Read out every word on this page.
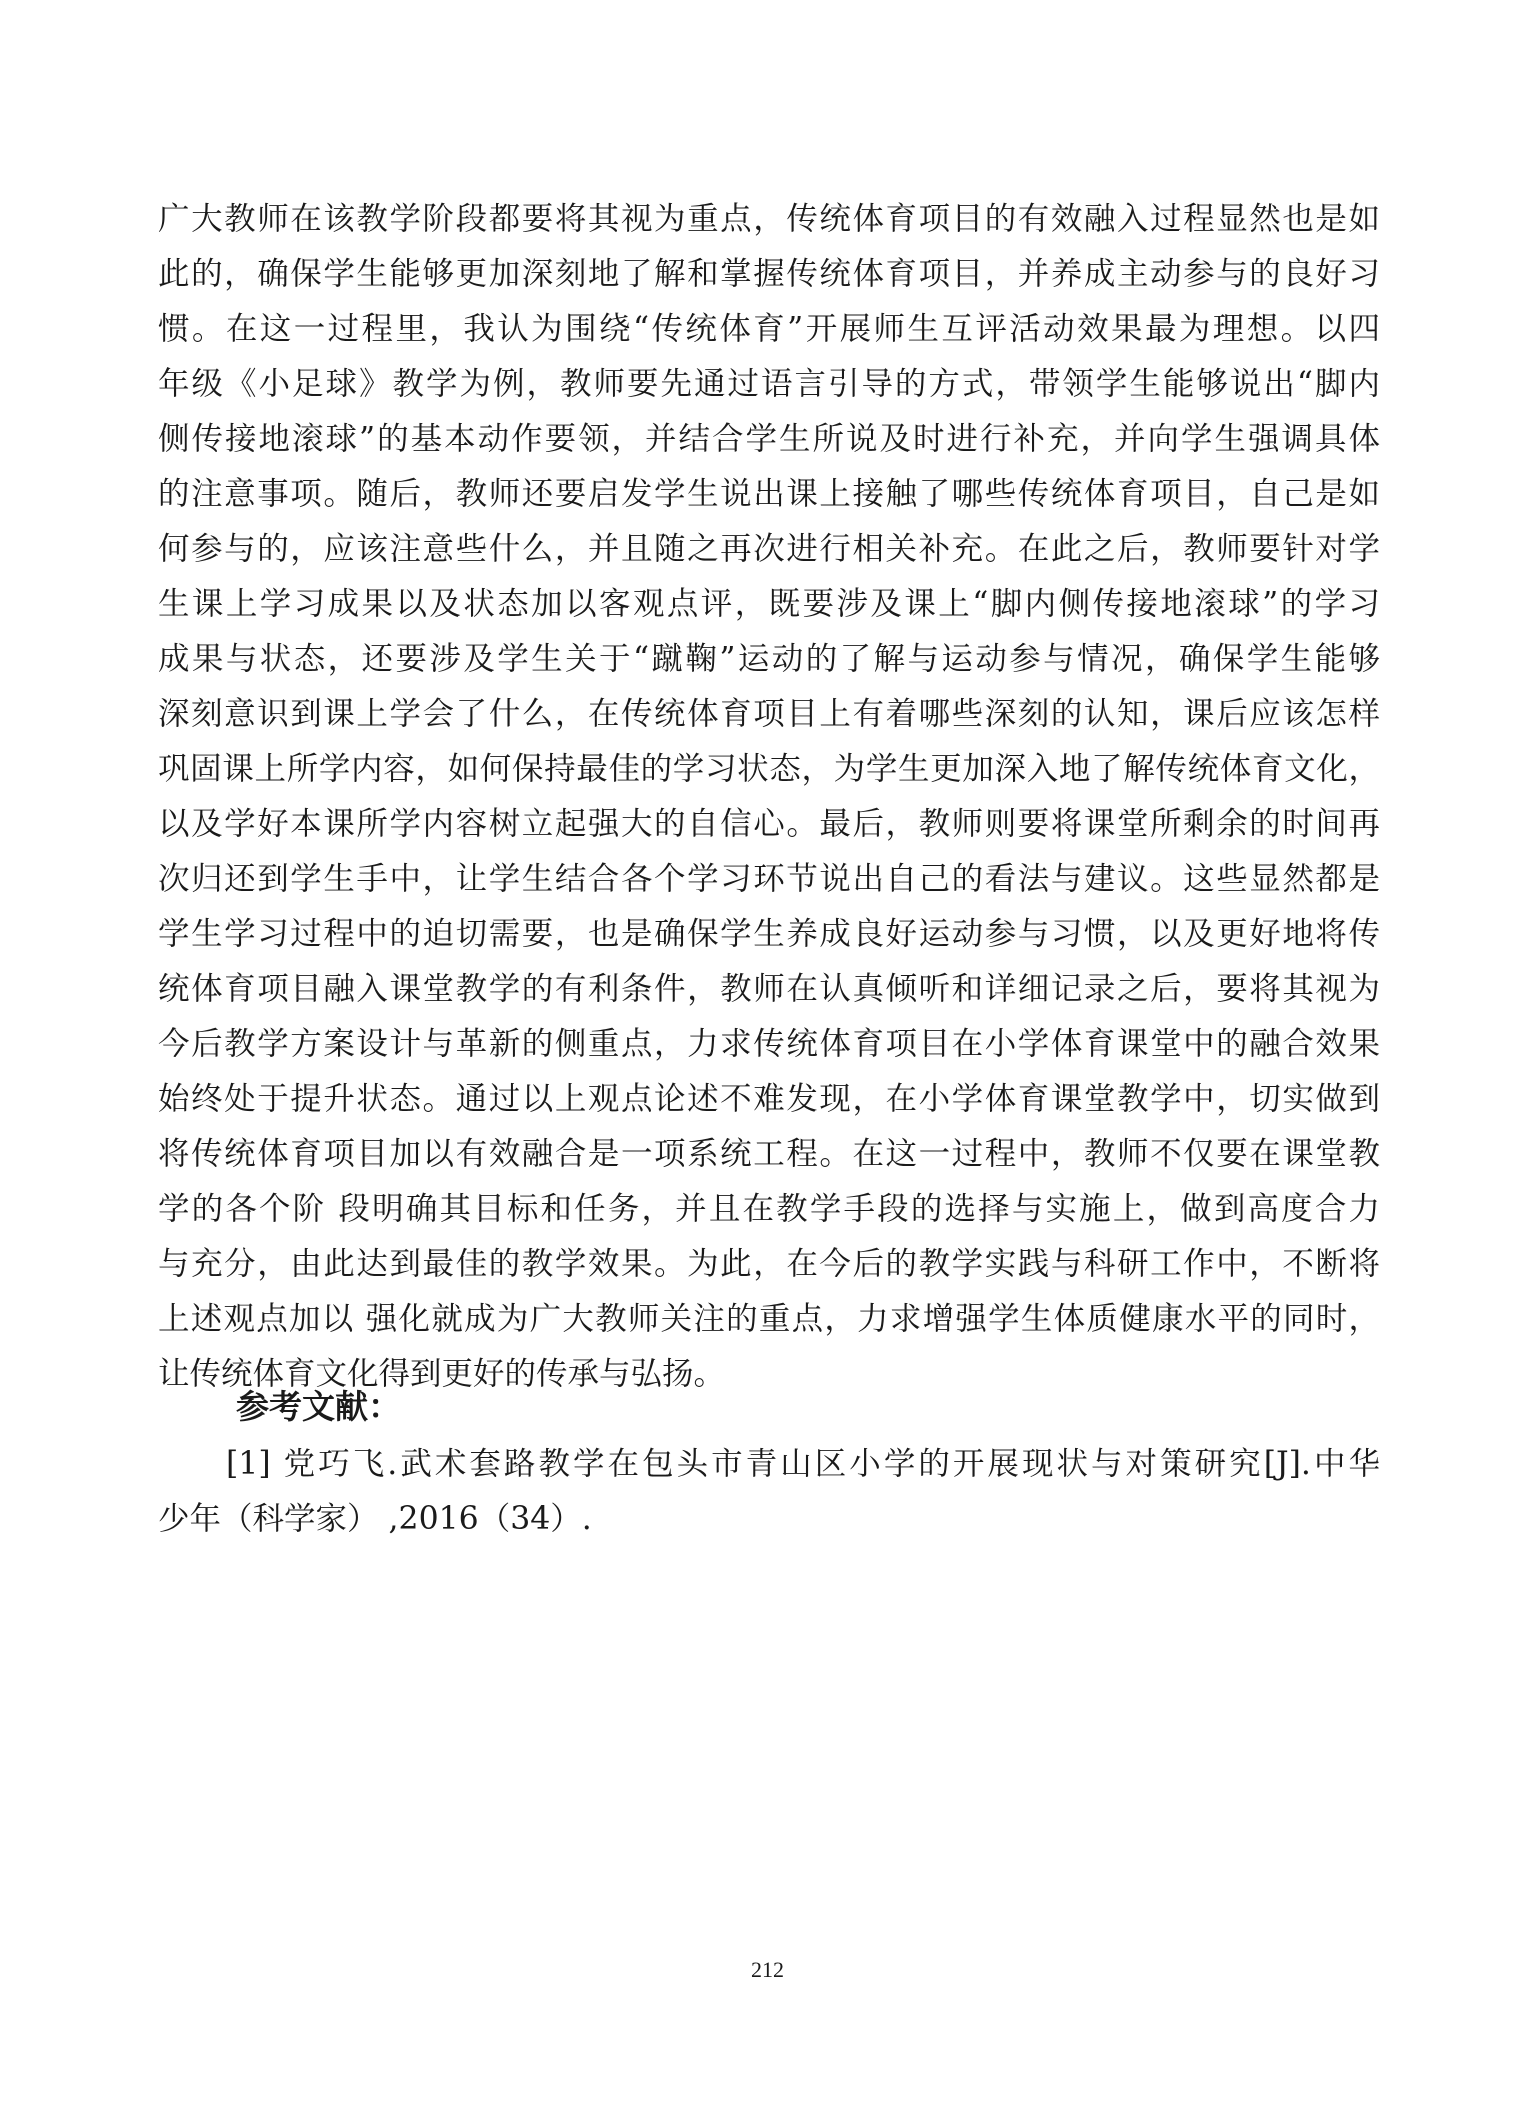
广大教师在该教学阶段都要将其视为重点，传统体育项目的有效融入过程显然也是如
此的，确保学生能够更加深刻地了解和掌握传统体育项目，并养成主动参与的良好习
惯。在这一过程里，我认为围绕“传统体育”开展师生互评活动效果最为理想。以四
年级《小足球》教学为例，教师要先通过语言引导的方式，带领学生能够说出“脚内
侧传接地滚球”的基本动作要领，并结合学生所说及时进行补充，并向学生强调具体
的注意事项。随后，教师还要启发学生说出课上接触了哪些传统体育项目，自己是如
何参与的，应该注意些什么，并且随之再次进行相关补充。在此之后，教师要针对学
生课上学习成果以及状态加以客观点评，既要涉及课上“脚内侧传接地滚球”的学习
成果与状态，还要涉及学生关于“蹴鞠”运动的了解与运动参与情况，确保学生能够
深刻意识到课上学会了什么，在传统体育项目上有着哪些深刻的认知，课后应该怎样
巩固课上所学内容，如何保持最佳的学习状态，为学生更加深入地了解传统体育文化，
以及学好本课所学内容树立起强大的自信心。最后，教师则要将课堂所剩余的时间再
次归还到学生手中，让学生结合各个学习环节说出自己的看法与建议。这些显然都是
学生学习过程中的迫切需要，也是确保学生养成良好运动参与习惯，以及更好地将传
统体育项目融入课堂教学的有利条件，教师在认真倾听和详细记录之后，要将其视为
今后教学方案设计与革新的侧重点，力求传统体育项目在小学体育课堂中的融合效果
始终处于提升状态。通过以上观点论述不难发现，在小学体育课堂教学中，切实做到
将传统体育项目加以有效融合是一项系统工程。在这一过程中，教师不仅要在课堂教
学的各个阶 段明确其目标和任务，并且在教学手段的选择与实施上，做到高度合力
与充分，由此达到最佳的教学效果。为此，在今后的教学实践与科研工作中，不断将
上述观点加以 强化就成为广大教师关注的重点，力求增强学生体质健康水平的同时，
让传统体育文化得到更好的传承与弘扬。
参考文献：
[1] 党巧飞.武术套路教学在包头市青山区小学的开展现状与对策研究[J].中华
少年（科学家） ,2016（34）.

212
